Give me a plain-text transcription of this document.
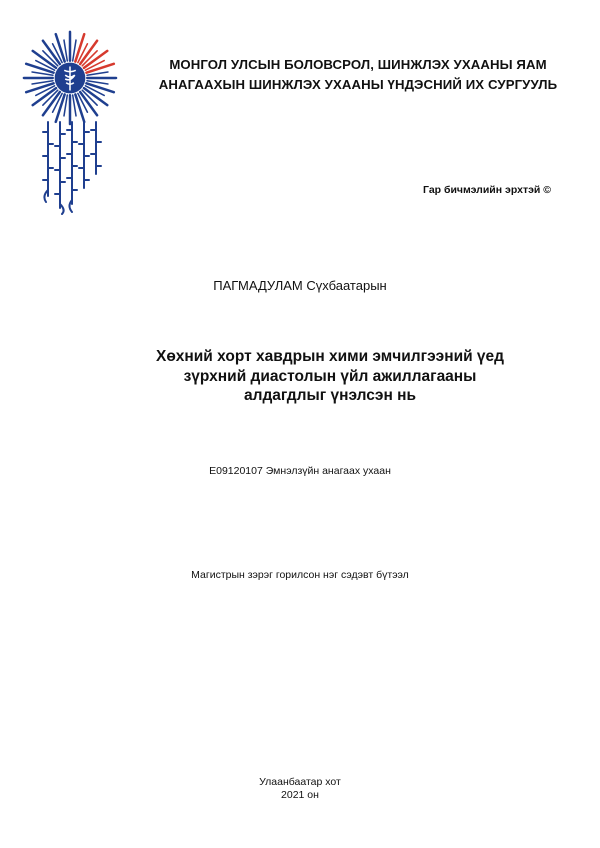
МОНГОЛ УЛСЫН БОЛОВСРОЛ, ШИНЖЛЭХ УХААНЫ ЯАМ
АНАГААХЫН ШИНЖЛЭХ УХААНЫ ҮНДЭСНИЙ ИХ СУРГУУЛЬ
Гар бичмэлийн эрхтэй ©
ПАГМАДУЛАМ Сүхбаатарын
Хөхний хорт хавдрын хими эмчилгээний үед
зүрхний диастолын үйл ажиллагааны
алдагдлыг үнэлсэн нь
E09120107 Эмнэлзүйн анагаах ухаан
Магистрын зэрэг горилсон нэг сэдэвт бүтээл
Улаанбаатар хот
2021 он
